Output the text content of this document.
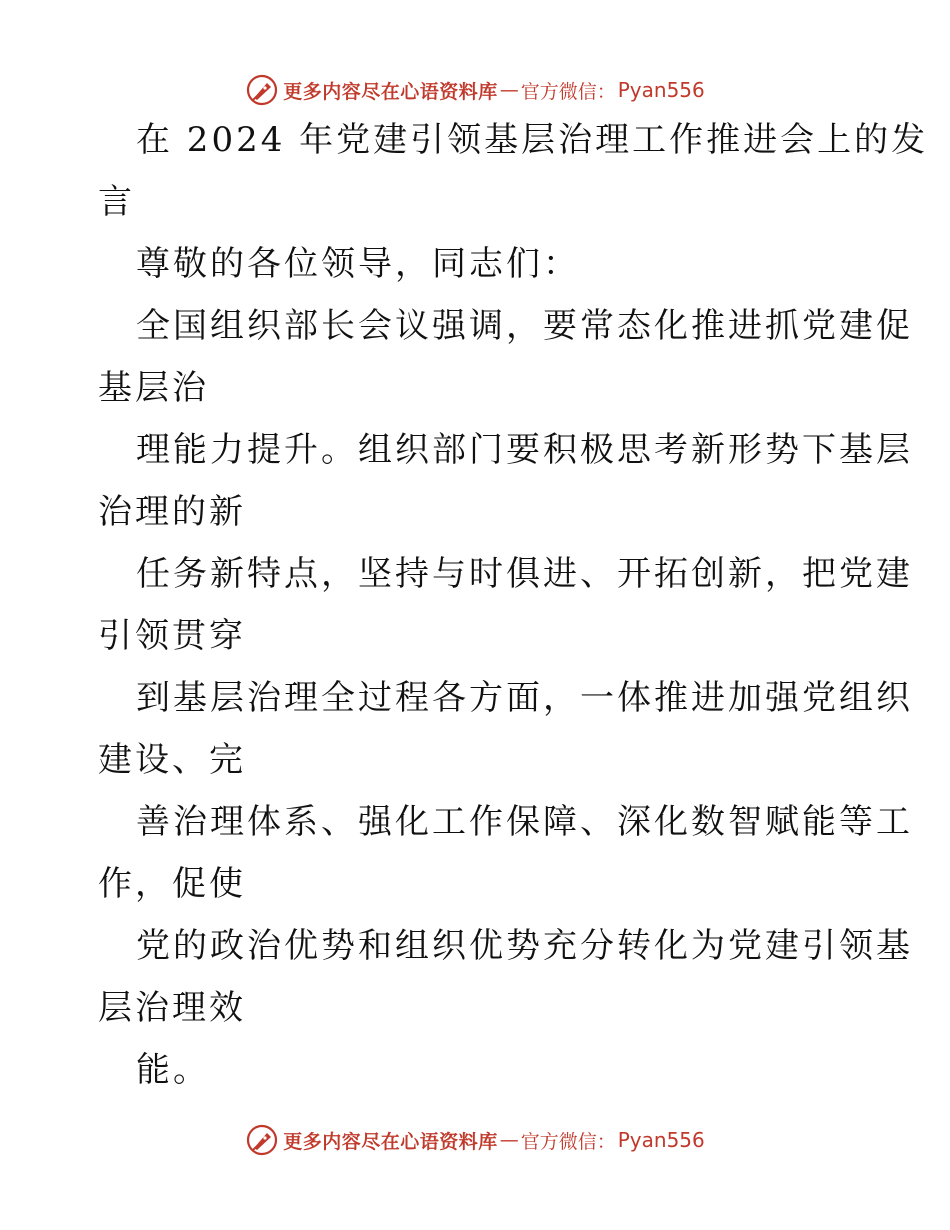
更多内容尽在心语资料库 — 官方微信： Pyan556
在 2024 年党建引领基层治理工作推进会上的发
言
尊敬的各位领导，同志们：
全国组织部长会议强调，要常态化推进抓党建促
基层治
理能力提升。组织部门要积极思考新形势下基层
治理的新
任务新特点，坚持与时俱进、开拓创新，把党建
引领贯穿
到基层治理全过程各方面，一体推进加强党组织
建设、完
善治理体系、强化工作保障、深化数智赋能等工
作，促使
党的政治优势和组织优势充分转化为党建引领基
层治理效
能。
更多内容尽在心语资料库 — 官方微信： Pyan556
